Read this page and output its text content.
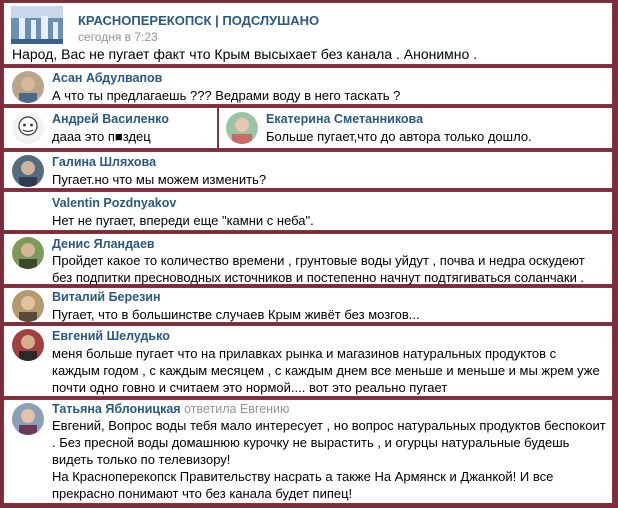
КРАСНОПЕРЕКОПСК | ПОДСЛУШАНО
сегодня в 7:23
Народ, Вас не пугает факт что Крым высыхает без канала . Анонимно .
Асан Абдулвапов
А что ты предлагаешь ??? Ведрами воду в него таскать ?
Андрей Василенко
дааа это п■здец
Екатерина Сметанникова
Больше пугает,что до автора только дошло.
Галина Шляхова
Пугает.но что мы можем изменить?
Valentin Pozdnyakov
Нет не пугает, впереди еще "камни с неба".
Денис Яландаев
Пройдет какое то количество времени , грунтовые воды уйдут , почва и недра оскудеют
без подпитки пресноводных источников и постепенно начнут подтягиваться соланчаки .
Виталий Березин
Пугает, что в большинстве случаев Крым живёт без мозгов...
Евгений Шелудько
меня больше пугает что на прилавках рынка и магазинов натуральных продуктов с
каждым годом , с каждым месяцем , с каждым днем все меньше и меньше и мы жрем уже
почти одно говно и считаем это нормой.... вот это реально пугает
Татьяна Яблоницкая ответила Евгению
Евгений, Вопрос воды тебя мало интересует , но вопрос натуральных продуктов беспокоит
. Без пресной воды домашнюю курочку не вырастить , и огурцы натуральные будешь
видеть только по телевизору!
На Красноперекопск Правительству насрать а также На Армянск и Джанкой! И все
прекрасно понимают что без канала будет пипец!
